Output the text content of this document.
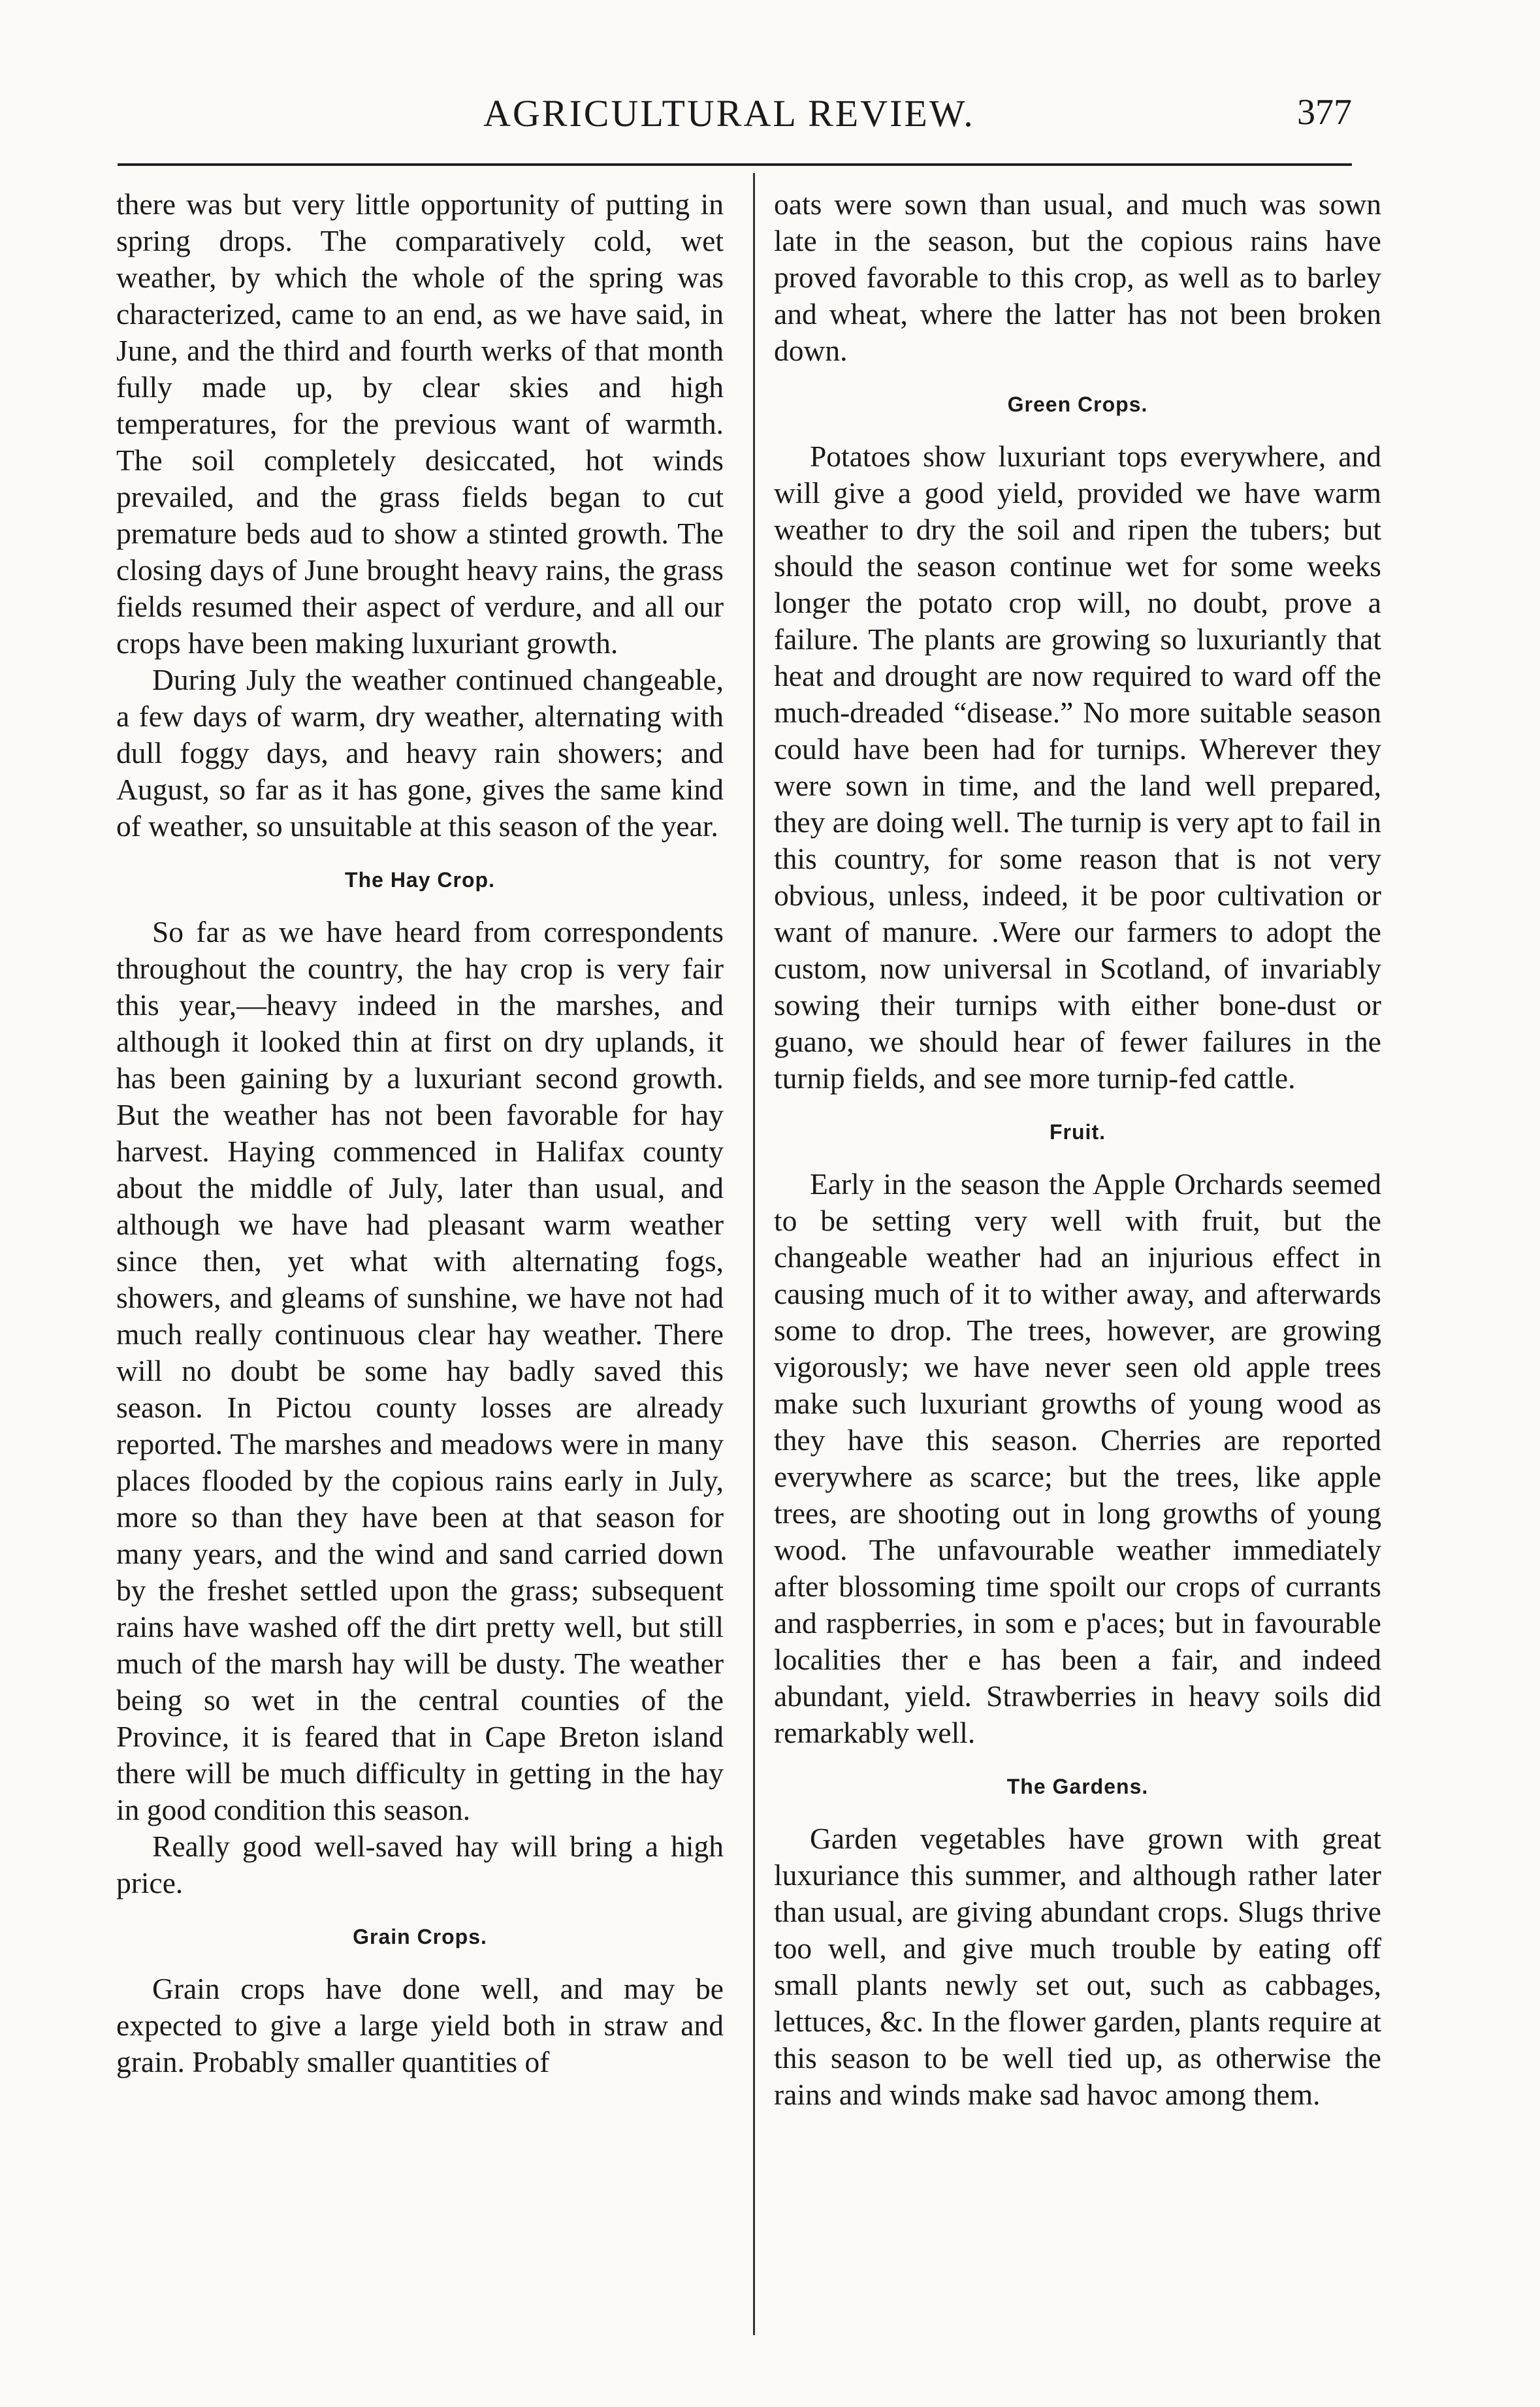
AGRICULTURAL REVIEW.	377

there was but very little opportunity of putting in spring drops. The comparatively cold, wet weather, by which the whole of the spring was characterized, came to an end, as we have said, in June, and the third and fourth werks of that month fully made up, by clear skies and high temperatures, for the previous want of warmth. The soil completely desiccated, hot winds prevailed, and the grass fields began to cut premature beds aud to show a stinted growth. The closing days of June brought heavy rains, the grass fields resumed their aspect of verdure, and all our crops have been making luxuriant growth.

During July the weather continued changeable, a few days of warm, dry weather, alternating with dull foggy days, and heavy rain showers; and August, so far as it has gone, gives the same kind of weather, so unsuitable at this season of the year.

The Hay Crop.

So far as we have heard from correspondents throughout the country, the hay crop is very fair this year,—heavy indeed in the marshes, and although it looked thin at first on dry uplands, it has been gaining by a luxuriant second growth. But the weather has not been favorable for hay harvest. Haying commenced in Halifax county about the middle of July, later than usual, and although we have had pleasant warm weather since then, yet what with alternating fogs, showers, and gleams of sunshine, we have not had much really continuous clear hay weather. There will no doubt be some hay badly saved this season. In Pictou county losses are already reported. The marshes and meadows were in many places flooded by the copious rains early in July, more so than they have been at that season for many years, and the wind and sand carried down by the freshet settled upon the grass; subsequent rains have washed off the dirt pretty well, but still much of the marsh hay will be dusty. The weather being so wet in the central counties of the Province, it is feared that in Cape Breton island there will be much difficulty in getting in the hay in good condition this season.

Really good well-saved hay will bring a high price.

Grain Crops.

Grain crops have done well, and may be expected to give a large yield both in straw and grain. Probably smaller quantities of

oats were sown than usual, and much was sown late in the season, but the copious rains have proved favorable to this crop, as well as to barley and wheat, where the latter has not been broken down.

Green Crops.

Potatoes show luxuriant tops everywhere, and will give a good yield, provided we have warm weather to dry the soil and ripen the tubers; but should the season continue wet for some weeks longer the potato crop will, no doubt, prove a failure. The plants are growing so luxuriantly that heat and drought are now required to ward off the much-dreaded “disease.” No more suitable season could have been had for turnips. Wherever they were sown in time, and the land well prepared, they are doing well. The turnip is very apt to fail in this country, for some reason that is not very obvious, unless, indeed, it be poor cultivation or want of manure. .Were our farmers to adopt the custom, now universal in Scotland, of invariably sowing their turnips with either bone-dust or guano, we should hear of fewer failures in the turnip fields, and see more turnip-fed cattle.

Fruit.

Early in the season the Apple Orchards seemed to be setting very well with fruit, but the changeable weather had an injurious effect in causing much of it to wither away, and afterwards some to drop. The trees, however, are growing vigorously; we have never seen old apple trees make such luxuriant growths of young wood as they have this season. Cherries are reported everywhere as scarce; but the trees, like apple trees, are shooting out in long growths of young wood. The unfavourable weather immediately after blossoming time spoilt our crops of currants and raspberries, in som e p'aces; but in favourable localities ther e has been a fair, and indeed abundant, yield. Strawberries in heavy soils did remarkably well.

The Gardens.

Garden vegetables have grown with great luxuriance this summer, and although rather later than usual, are giving abundant crops. Slugs thrive too well, and give much trouble by eating off small plants newly set out, such as cabbages, lettuces, &c. In the flower garden, plants require at this season to be well tied up, as otherwise the rains and winds make sad havoc among them.
